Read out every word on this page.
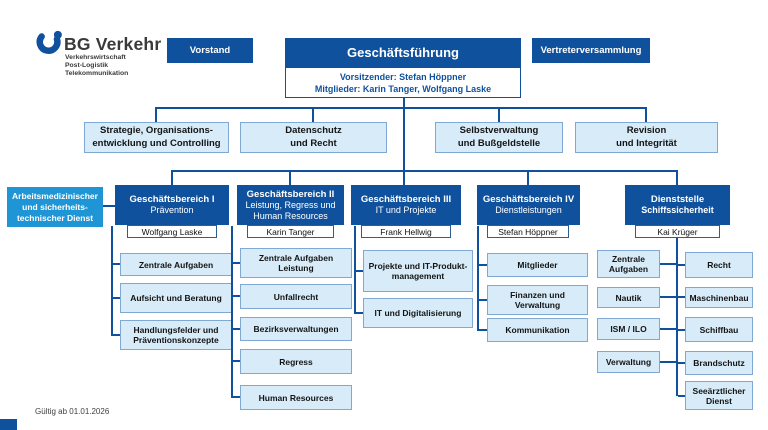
BG Verkehr
Verkehrswirtschaft
Post-Logistik
Telekommunikation
Vorstand	Geschäftsführung
Vorsitzender: Stefan Höppner
Mitglieder: Karin Tanger, Wolfgang Laske
Vertreterversammlung
Strategie, Organisations-
entwicklung und Controlling
Datenschutz
und Recht
Selbstverwaltung
und Bußgeldstelle
Revision
und Integrität
Arbeitsmedizinischer
und sicherheits-
technischer Dienst
Geschäftsbereich I
Prävention
Wolfgang Laske
Geschäftsbereich II
Leistung, Regress und Human Resources
Karin Tanger
Geschäftsbereich III
IT und Projekte
Frank Hellwig
Geschäftsbereich IV
Dienstleistungen
Stefan Höppner
Dienststelle
Schiffssicherheit
Kai Krüger
Zentrale Aufgaben
Aufsicht und Beratung
Handlungsfelder und Präventionskonzepte
Zentrale Aufgaben Leistung
Unfallrecht
Bezirksverwaltungen
Regress
Human Resources
Projekte und IT-Produkt-management
IT und Digitalisierung
Mitglieder
Finanzen und Verwaltung
Kommunikation
Zentrale Aufgaben
Nautik
ISM / ILO
Verwaltung
Recht
Maschinenbau
Schiffbau
Brandschutz
Seeärztlicher Dienst
Gültig ab 01.01.2026
